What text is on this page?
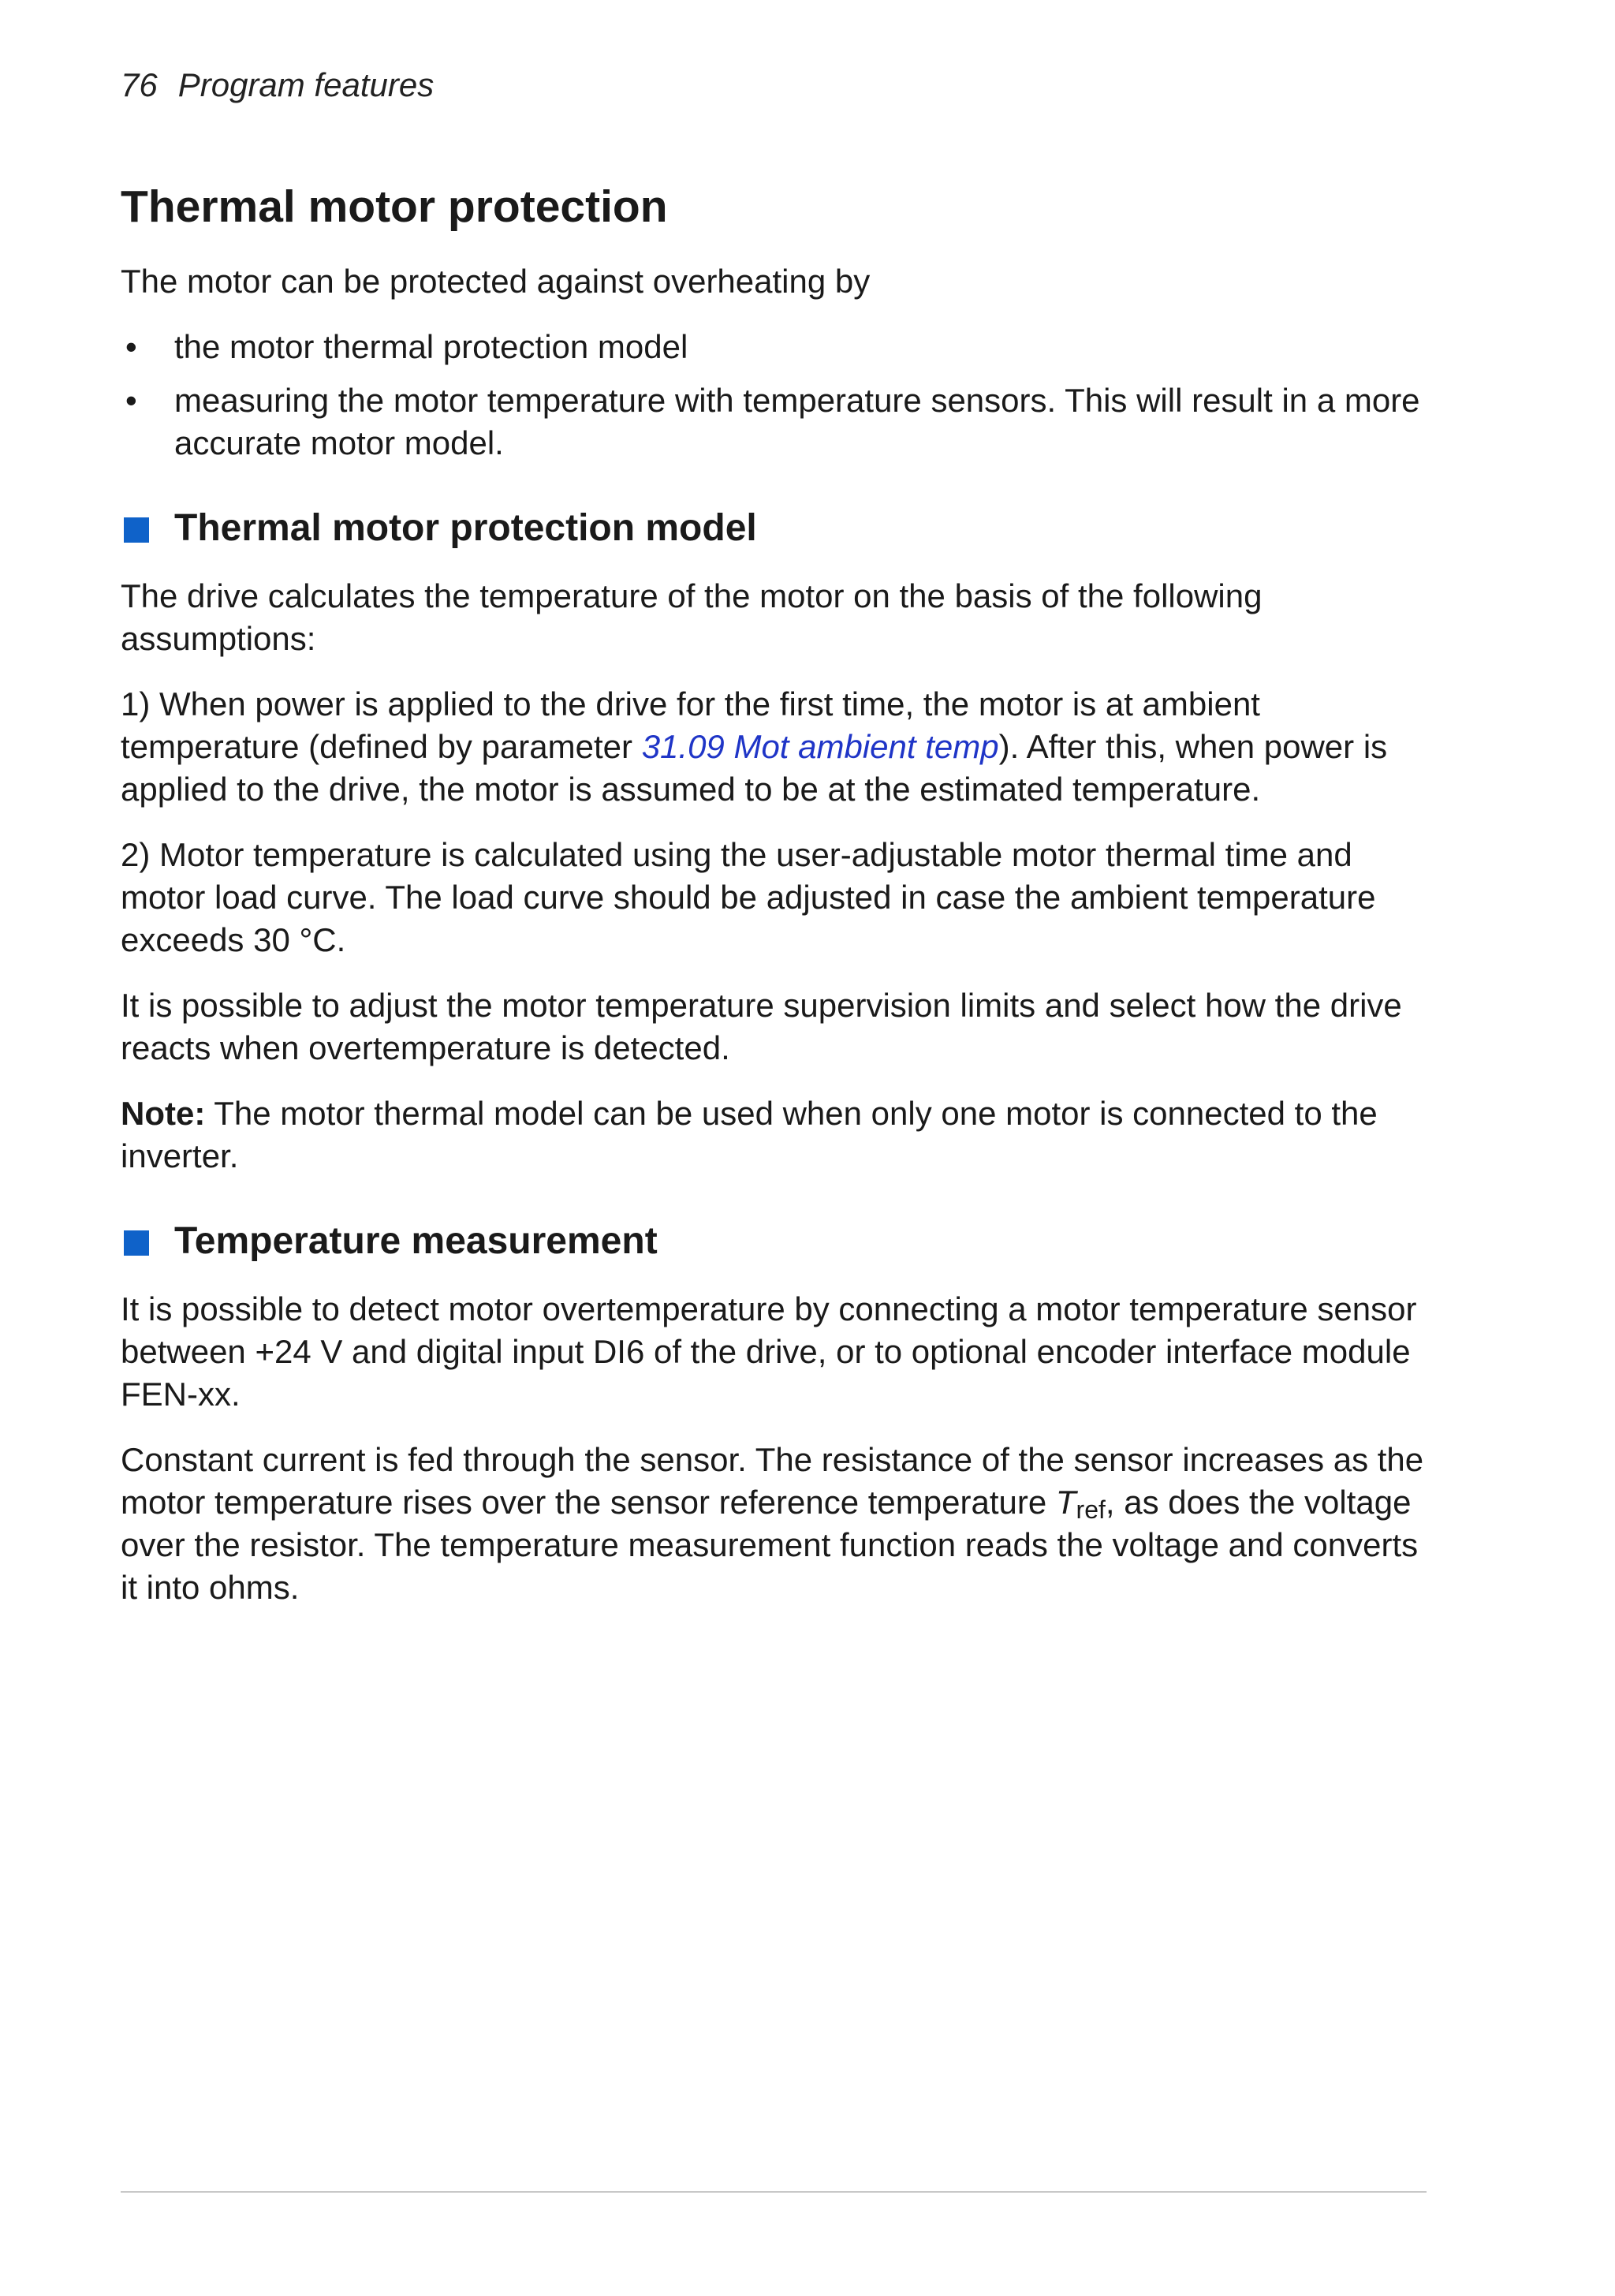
76 Program features
Thermal motor protection

The motor can be protected against overheating by

• the motor thermal protection model
• measuring the motor temperature with temperature sensors. This will result in a more accurate motor model.
Thermal motor protection model

The drive calculates the temperature of the motor on the basis of the following assumptions:

1) When power is applied to the drive for the first time, the motor is at ambient temperature (defined by parameter 31.09 Mot ambient temp). After this, when power is applied to the drive, the motor is assumed to be at the estimated temperature.

2) Motor temperature is calculated using the user-adjustable motor thermal time and motor load curve. The load curve should be adjusted in case the ambient temperature exceeds 30 °C.

It is possible to adjust the motor temperature supervision limits and select how the drive reacts when overtemperature is detected.

Note: The motor thermal model can be used when only one motor is connected to the inverter.

Temperature measurement

It is possible to detect motor overtemperature by connecting a motor temperature sensor between +24 V and digital input DI6 of the drive, or to optional encoder interface module FEN-xx.

Constant current is fed through the sensor. The resistance of the sensor increases as the motor temperature rises over the sensor reference temperature $T_{ref}$, as does the voltage over the resistor. The temperature measurement function reads the voltage and converts it into ohms.
